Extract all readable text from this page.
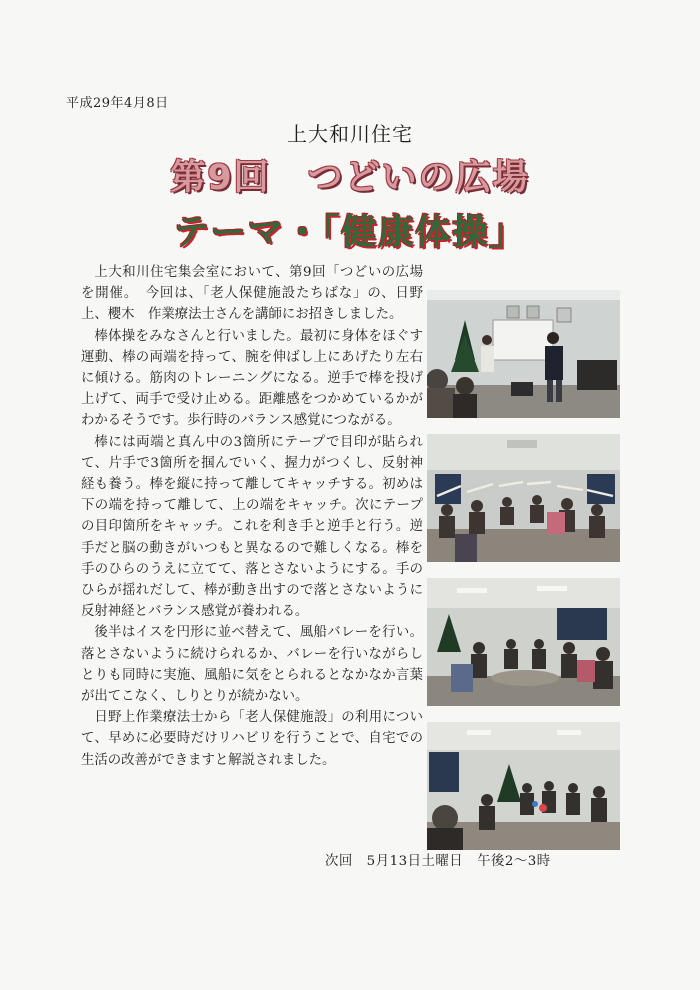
平成29年4月8日
上大和川住宅
第9回　つどいの広場
テーマ・「健康体操」

上大和川住宅集会室において、第9回「つどいの広場を開催。　今回は、「老人保健施設たちばな」の、日野上、櫻木　作業療法士さんを講師にお招きしました。

棒体操をみなさんと行いました。最初に身体をほぐす運動、棒の両端を持って、腕を伸ばし上にあげたり左右に傾ける。筋肉のトレーニングになる。逆手で棒を投げ上げて、両手で受け止める。距離感をつかめているかがわかるそうです。歩行時のバランス感覚につながる。

棒には両端と真ん中の3箇所にテープで目印が貼られて、片手で3箇所を掴んでいく、握力がつくし、反射神経も養う。棒を縦に持って離してキャッチする。初めは下の端を持って離して、上の端をキャッチ。次にテープの目印箇所をキャッチ。これを利き手と逆手と行う。逆手だと脳の動きがいつもと異なるので難しくなる。棒を手のひらのうえに立てて、落とさないようにする。手のひらが揺れだして、棒が動き出すので落とさないように反射神経とバランス感覚が養われる。

後半はイスを円形に並べ替えて、風船バレーを行い。落とさないように続けられるか、バレーを行いながらしとりも同時に実施、風船に気をとられるとなかなか言葉が出てこなく、しりとりが続かない。

日野上作業療法士から「老人保健施設」の利用について、早めに必要時だけリハビリを行うことで、自宅での生活の改善ができますと解説されました。

次回　5月13日土曜日　午後2〜3時
